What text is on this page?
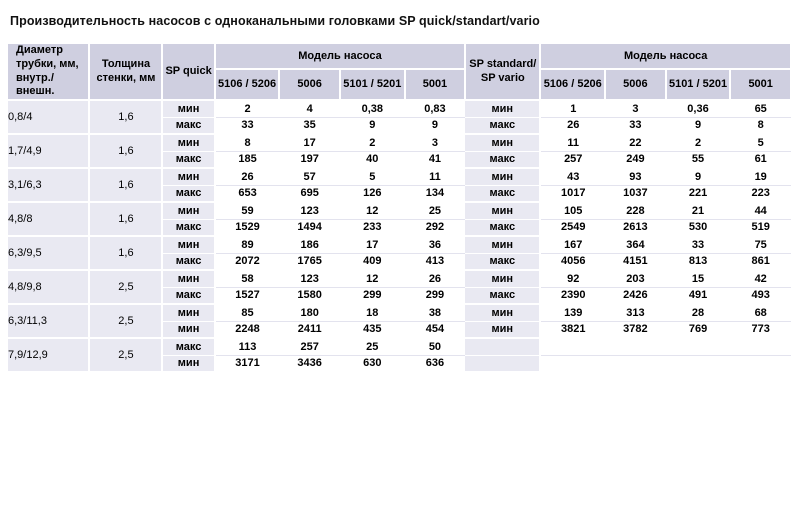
Производительность насосов с одноканальными головками SP quick/standart/vario
Диаметр трубки, мм, внутр./внешн.	Толщина стенки, мм	SP quick	Модель насоса				SP standard/ SP vario	Модель насоса			
			5106 / 5206	5006	5101 / 5201	5001		5106 / 5206	5006	5101 / 5201	5001
0,8/4	1,6	мин	2	4	0,38	0,83	мин	1	3	0,36	65
		макс	33	35	9	9	макс	26	33	9	8
1,7/4,9	1,6	мин	8	17	2	3	мин	11	22	2	5
		макс	185	197	40	41	макс	257	249	55	61
3,1/6,3	1,6	мин	26	57	5	11	мин	43	93	9	19
		макс	653	695	126	134	макс	1017	1037	221	223
4,8/8	1,6	мин	59	123	12	25	мин	105	228	21	44
		макс	1529	1494	233	292	макс	2549	2613	530	519
6,3/9,5	1,6	мин	89	186	17	36	мин	167	364	33	75
		макс	2072	1765	409	413	макс	4056	4151	813	861
4,8/9,8	2,5	мин	58	123	12	26	мин	92	203	15	42
		макс	1527	1580	299	299	макс	2390	2426	491	493
6,3/11,3	2,5	мин	85	180	18	38	мин	139	313	28	68
		мин	2248	2411	435	454	мин	3821	3782	769	773
7,9/12,9	2,5	макс	113	257	25	50					
		мин	3171	3436	630	636					
